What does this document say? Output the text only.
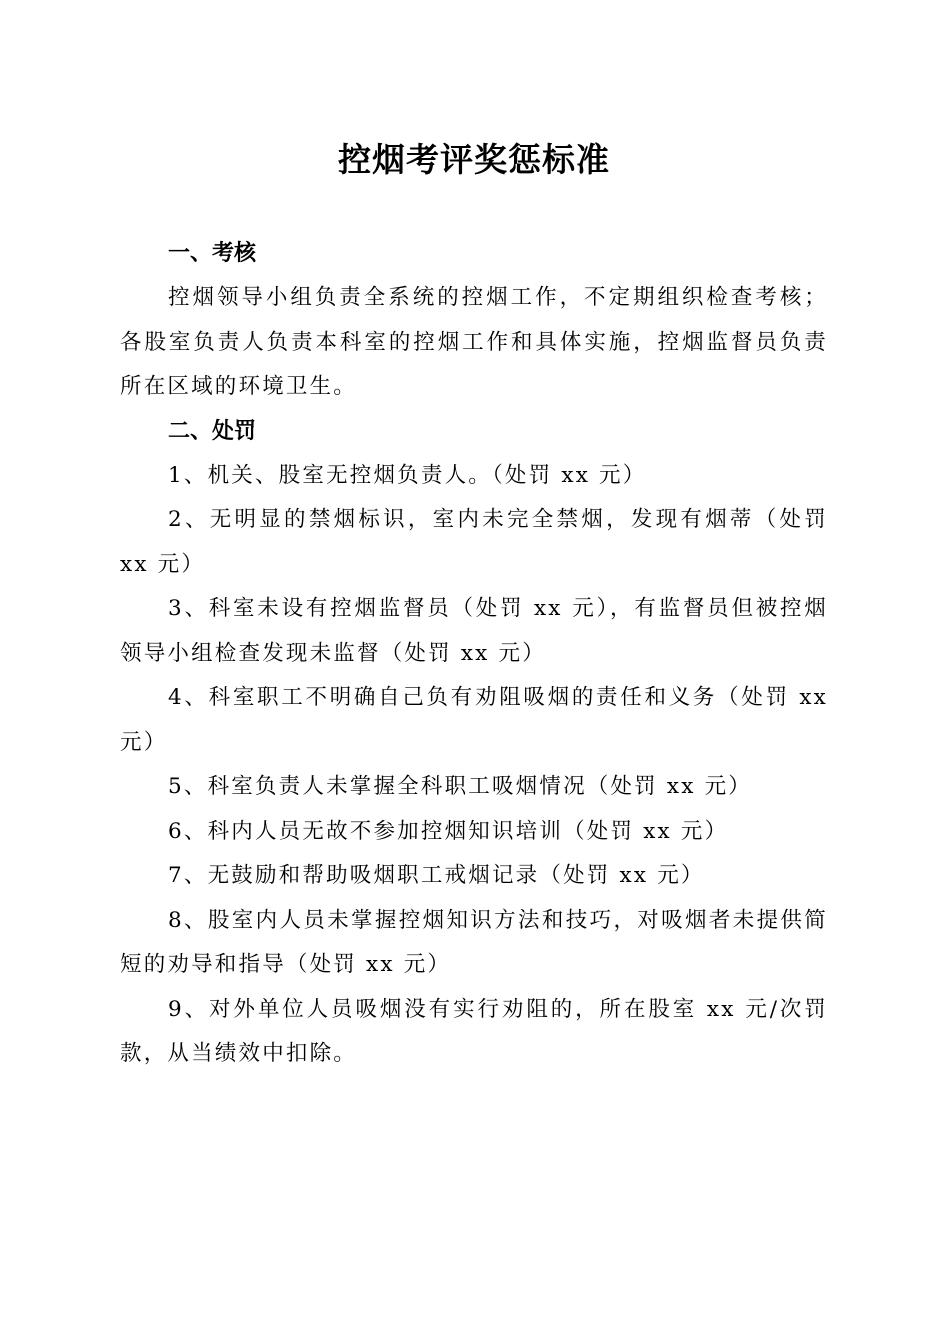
控烟考评奖惩标准
一、考核

控烟领导小组负责全系统的控烟工作，不定期组织检查考核；各股室负责人负责本科室的控烟工作和具体实施，控烟监督员负责所在区域的环境卫生。

二、处罚

1、机关、股室无控烟负责人。（处罚 xx 元）

2、无明显的禁烟标识，室内未完全禁烟，发现有烟蒂（处罚 xx 元）

3、科室未设有控烟监督员（处罚 xx 元），有监督员但被控烟领导小组检查发现未监督（处罚 xx 元）

4、科室职工不明确自己负有劝阻吸烟的责任和义务（处罚 xx 元）

5、科室负责人未掌握全科职工吸烟情况（处罚 xx 元）

6、科内人员无故不参加控烟知识培训（处罚 xx 元）

7、无鼓励和帮助吸烟职工戒烟记录（处罚 xx 元）

8、股室内人员未掌握控烟知识方法和技巧，对吸烟者未提供简短的劝导和指导（处罚 xx 元）

9、对外单位人员吸烟没有实行劝阻的，所在股室 xx 元/次罚款，从当绩效中扣除。
